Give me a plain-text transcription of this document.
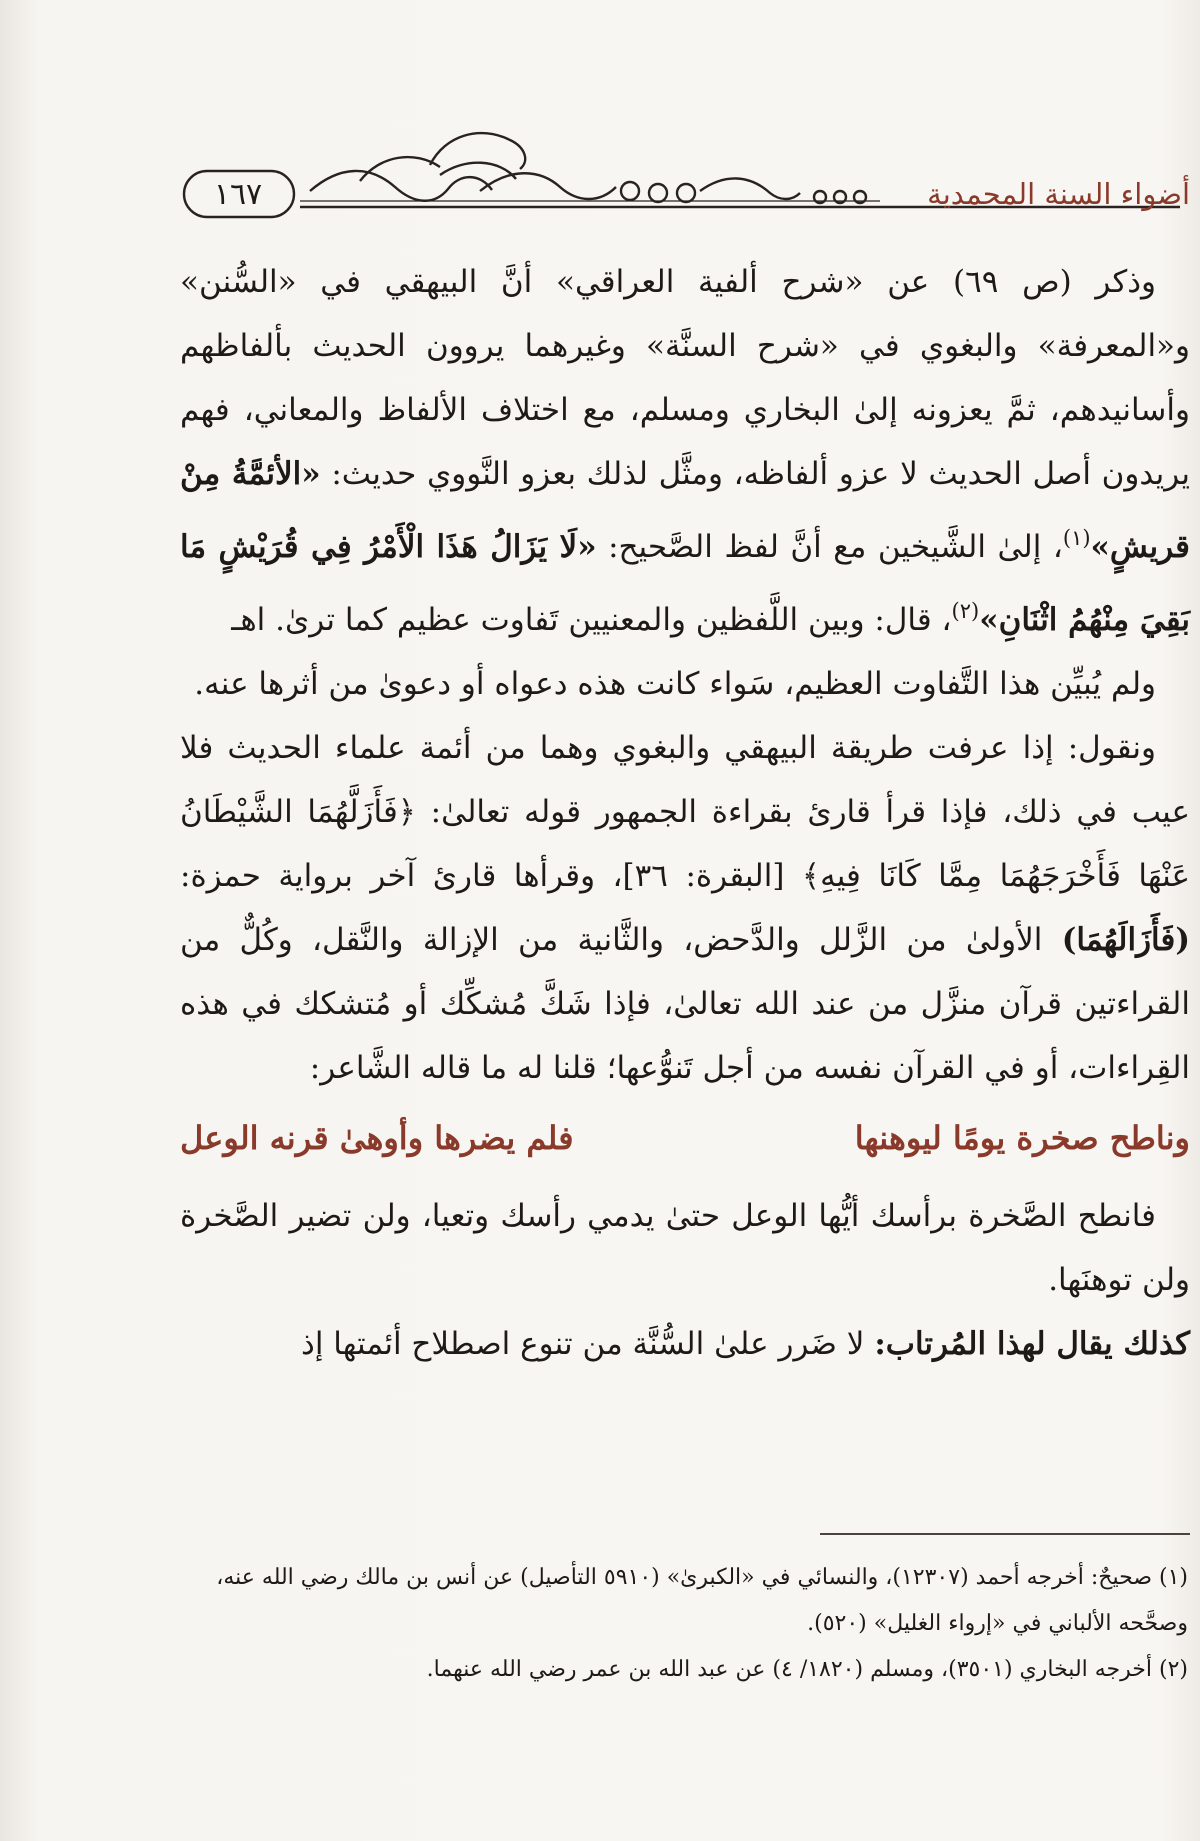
١٦٧	أضواء السنة المحمدية

وذكر (ص ٦٩) عن «شرح ألفية العراقي» أنَّ البيهقي في «السُّنن» و«المعرفة» والبغوي في «شرح السنَّة» وغيرهما يروون الحديث بألفاظهم وأسانيدهم، ثمَّ يعزونه إلىٰ البخاري ومسلم، مع اختلاف الألفاظ والمعاني، فهم يريدون أصل الحديث لا عزو ألفاظه، ومثَّل لذلك بعزو النَّووي حديث: «الأئمَّةُ مِنْ قريشٍ»$^{(١)}$، إلىٰ الشَّيخين مع أنَّ لفظ الصَّحيح: «لَا يَزَالُ هَذَا الْأَمْرُ فِي قُرَيْشٍ مَا بَقِيَ مِنْهُمُ اثْنَانِ»$^{(٢)}$، قال: وبين اللَّفظين والمعنيين تَفاوت عظيم كما ترىٰ. اهـ

ولم يُبيِّن هذا التَّفاوت العظيم، سَواء كانت هذه دعواه أو دعوىٰ من أثرها عنه.

ونقول: إذا عرفت طريقة البيهقي والبغوي وهما من أئمة علماء الحديث فلا عيب في ذلك، فإذا قرأ قارئ بقراءة الجمهور قوله تعالىٰ: ﴿فَأَزَلَّهُمَا الشَّيْطَانُ عَنْهَا فَأَخْرَجَهُمَا مِمَّا كَانَا فِيهِ﴾ [البقرة: ٣٦]، وقرأها قارئ آخر برواية حمزة: (فَأَزَالَهُمَا) الأولىٰ من الزَّلل والدَّحض، والثَّانية من الإزالة والنَّقل، وكُلٌّ من القراءتين قرآن منزَّل من عند الله تعالىٰ، فإذا شَكَّ مُشكِّك أو مُتشكك في هذه القِراءات، أو في القرآن نفسه من أجل تَنوُّعها؛ قلنا له ما قاله الشَّاعر:

وناطح صخرة يومًا ليوهنها
فلم يضرها وأوهىٰ قرنه الوعل

فانطح الصَّخرة برأسك أيُّها الوعل حتىٰ يدمي رأسك وتعيا، ولن تضير الصَّخرة ولن توهنَها.

كذلك يقال لهذا المُرتاب: لا ضَرر علىٰ السُّنَّة من تنوع اصطلاح أئمتها إذ

(١) صحيحٌ: أخرجه أحمد (١٢٣٠٧)، والنسائي في «الكبرىٰ» (٥٩١٠ التأصيل) عن أنس بن مالك رضي الله عنه، وصحَّحه الألباني في «إرواء الغليل» (٥٢٠).

(٢) أخرجه البخاري (٣٥٠١)، ومسلم (١٨٢٠/ ٤) عن عبد الله بن عمر رضي الله عنهما.
